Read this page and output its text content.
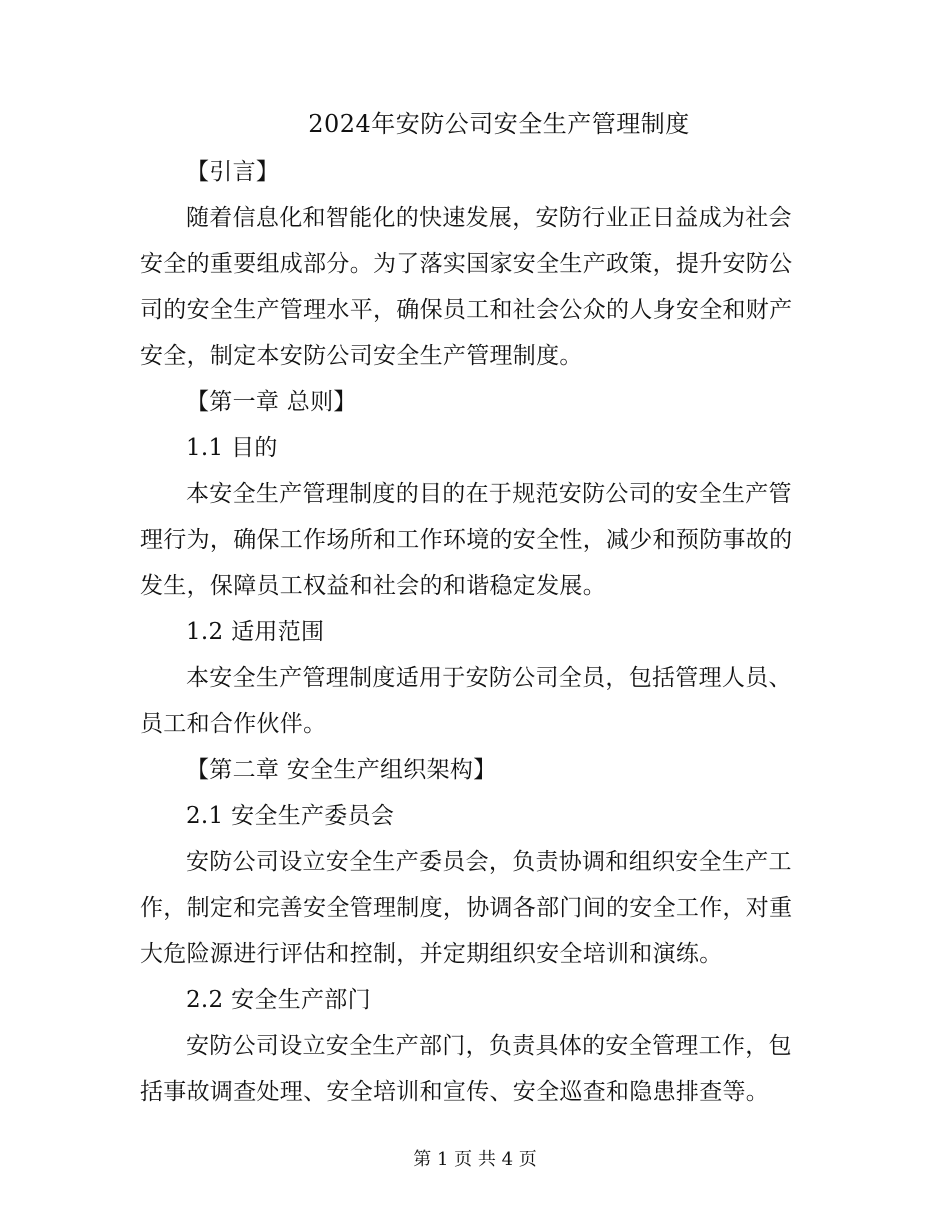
2024年安防公司安全生产管理制度

【引言】

随着信息化和智能化的快速发展，安防行业正日益成为社会

安全的重要组成部分。为了落实国家安全生产政策，提升安防公

司的安全生产管理水平，确保员工和社会公众的人身安全和财产

安全，制定本安防公司安全生产管理制度。

【第一章 总则】

1.1 目的

本安全生产管理制度的目的在于规范安防公司的安全生产管

理行为，确保工作场所和工作环境的安全性，减少和预防事故的

发生，保障员工权益和社会的和谐稳定发展。

1.2 适用范围

本安全生产管理制度适用于安防公司全员，包括管理人员、

员工和合作伙伴。

【第二章 安全生产组织架构】

2.1 安全生产委员会

安防公司设立安全生产委员会，负责协调和组织安全生产工

作，制定和完善安全管理制度，协调各部门间的安全工作，对重

大危险源进行评估和控制，并定期组织安全培训和演练。

2.2 安全生产部门

安防公司设立安全生产部门，负责具体的安全管理工作，包

括事故调查处理、安全培训和宣传、安全巡查和隐患排查等。

第 1 页 共 4 页
